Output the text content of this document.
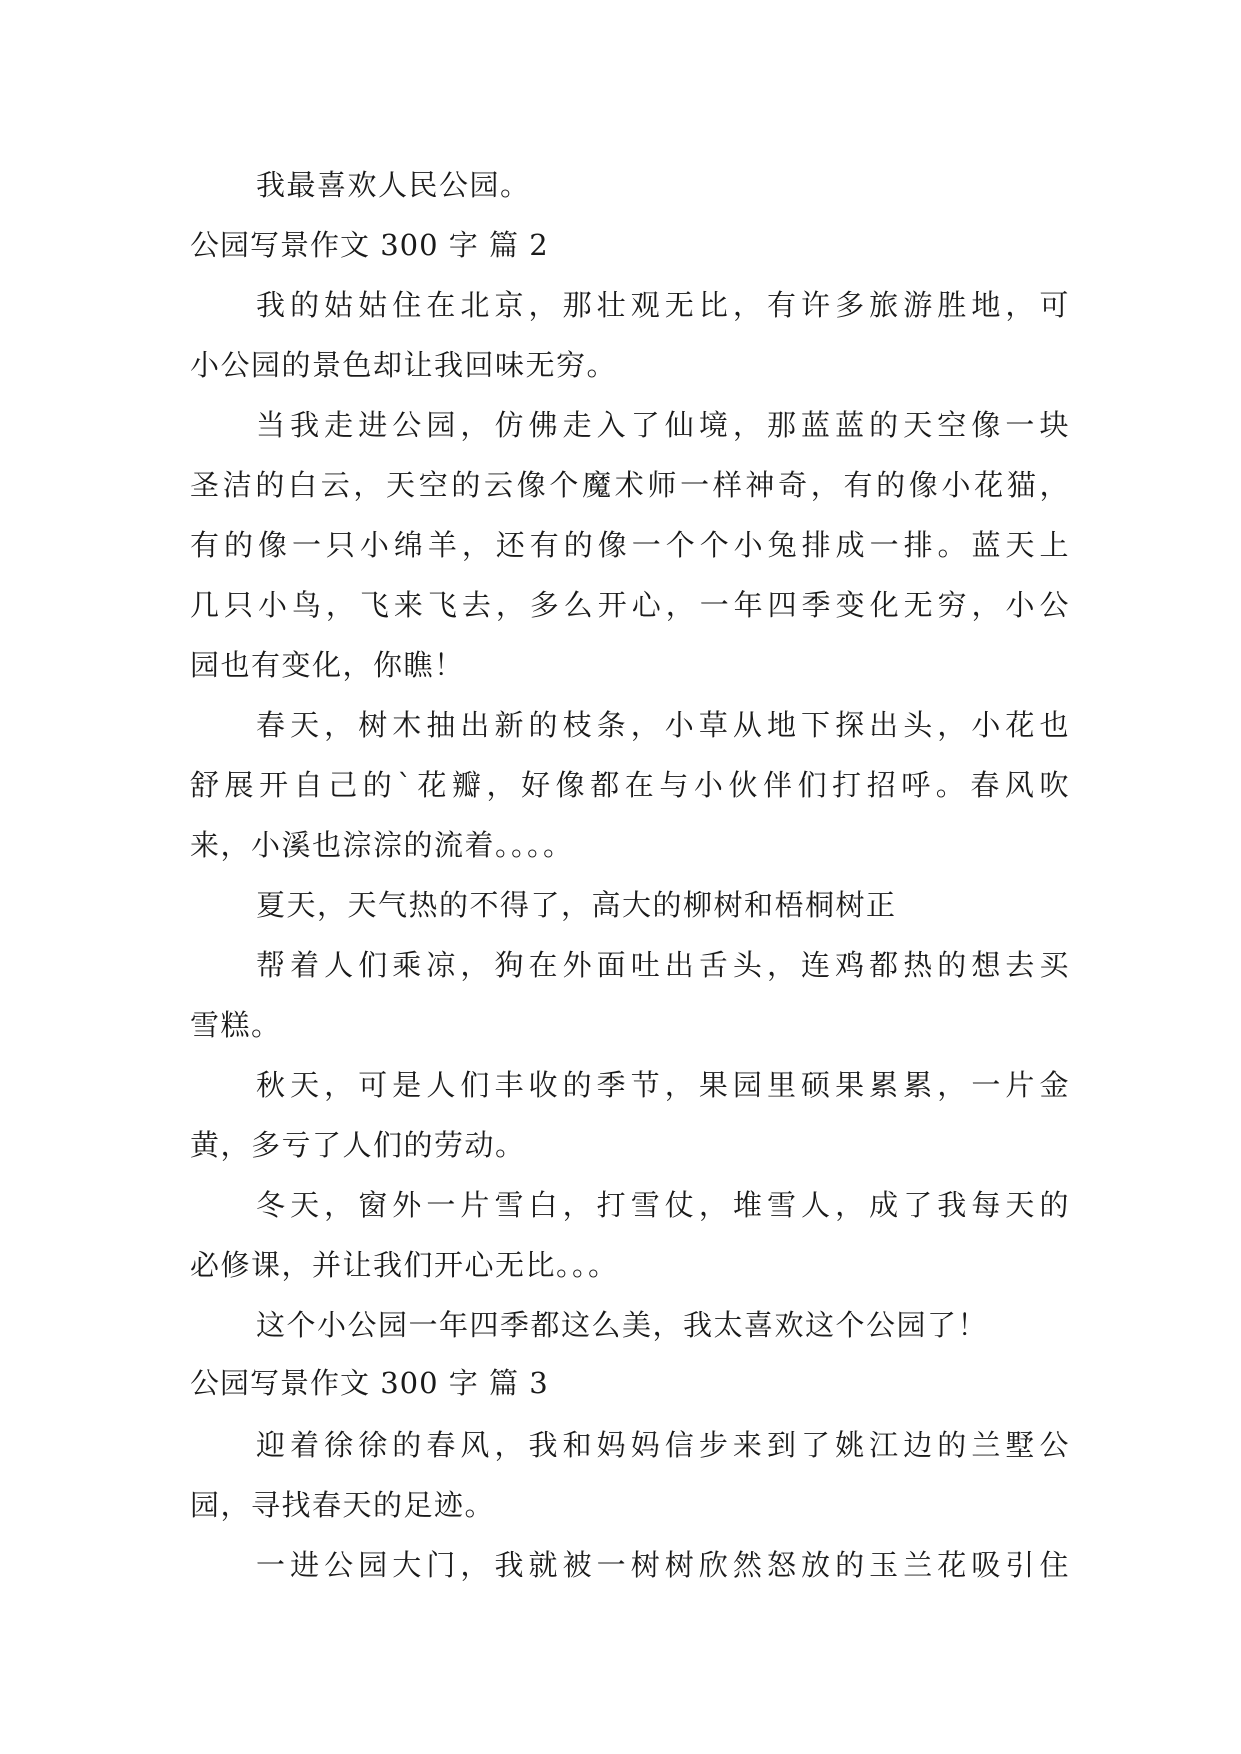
我最喜欢人民公园。
公园写景作文 300 字 篇 2
我的姑姑住在北京，那壮观无比，有许多旅游胜地，可
小公园的景色却让我回味无穷。
当我走进公园，仿佛走入了仙境，那蓝蓝的天空像一块
圣洁的白云，天空的云像个魔术师一样神奇，有的像小花猫，
有的像一只小绵羊，还有的像一个个小兔排成一排。蓝天上
几只小鸟，飞来飞去，多么开心，一年四季变化无穷，小公
园也有变化，你瞧！
春天，树木抽出新的枝条，小草从地下探出头，小花也
舒展开自己的`花瓣，好像都在与小伙伴们打招呼。春风吹
来，小溪也淙淙的流着。。。。
夏天，天气热的不得了，高大的柳树和梧桐树正
帮着人们乘凉，狗在外面吐出舌头，连鸡都热的想去买
雪糕。
秋天，可是人们丰收的季节，果园里硕果累累，一片金
黄，多亏了人们的劳动。
冬天，窗外一片雪白，打雪仗，堆雪人，成了我每天的
必修课，并让我们开心无比。。。
这个小公园一年四季都这么美，我太喜欢这个公园了！
公园写景作文 300 字 篇 3
迎着徐徐的春风，我和妈妈信步来到了姚江边的兰墅公
园，寻找春天的足迹。
一进公园大门，我就被一树树欣然怒放的玉兰花吸引住
